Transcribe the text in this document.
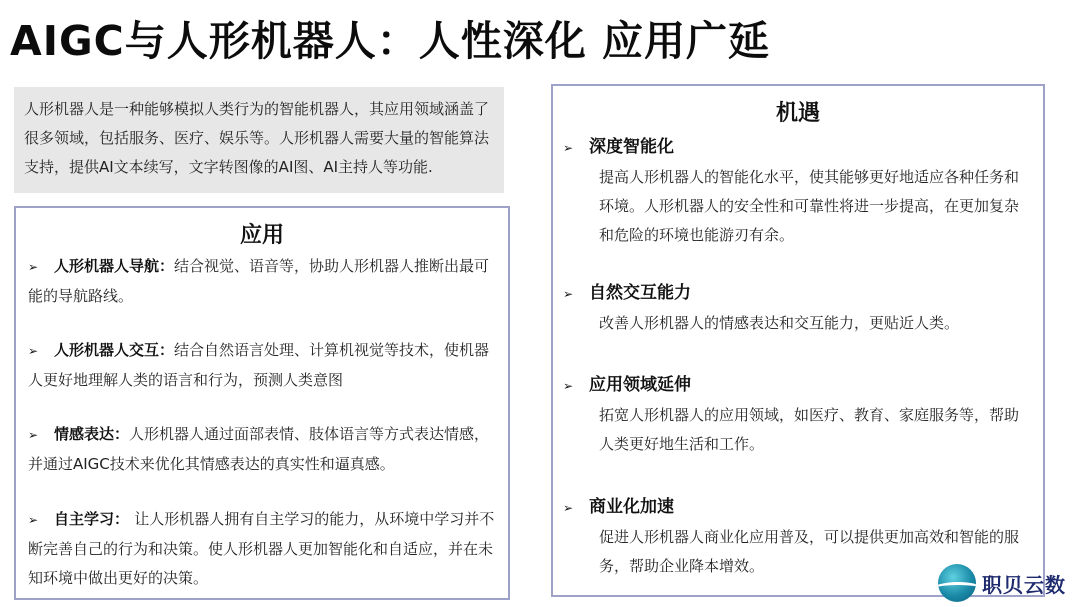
AIGC与人形机器人：人性深化 应用广延
人形机器人是一种能够模拟人类行为的智能机器人，其应用领域涵盖了很多领域，包括服务、医疗、娱乐等。人形机器人需要大量的智能算法支持，提供AI文本续写，文字转图像的AI图、AI主持人等功能.
应用
➢ 人形机器人导航：结合视觉、语音等，协助人形机器人推断出最可能的导航路线。
➢ 人形机器人交互：结合自然语言处理、计算机视觉等技术，使机器人更好地理解人类的语言和行为，预测人类意图
➢ 情感表达：人形机器人通过面部表情、肢体语言等方式表达情感，并通过AIGC技术来优化其情感表达的真实性和逼真感。
➢ 自主学习： 让人形机器人拥有自主学习的能力，从环境中学习并不断完善自己的行为和决策。使人形机器人更加智能化和自适应，并在未知环境中做出更好的决策。
机遇
➢ 深度智能化
提高人形机器人的智能化水平，使其能够更好地适应各种任务和环境。人形机器人的安全性和可靠性将进一步提高，在更加复杂和危险的环境也能游刃有余。
➢ 自然交互能力
改善人形机器人的情感表达和交互能力，更贴近人类。
➢ 应用领域延伸
拓宽人形机器人的应用领域，如医疗、教育、家庭服务等，帮助人类更好地生活和工作。
➢ 商业化加速
促进人形机器人商业化应用普及，可以提供更加高效和智能的服务，帮助企业降本增效。
职贝云数
